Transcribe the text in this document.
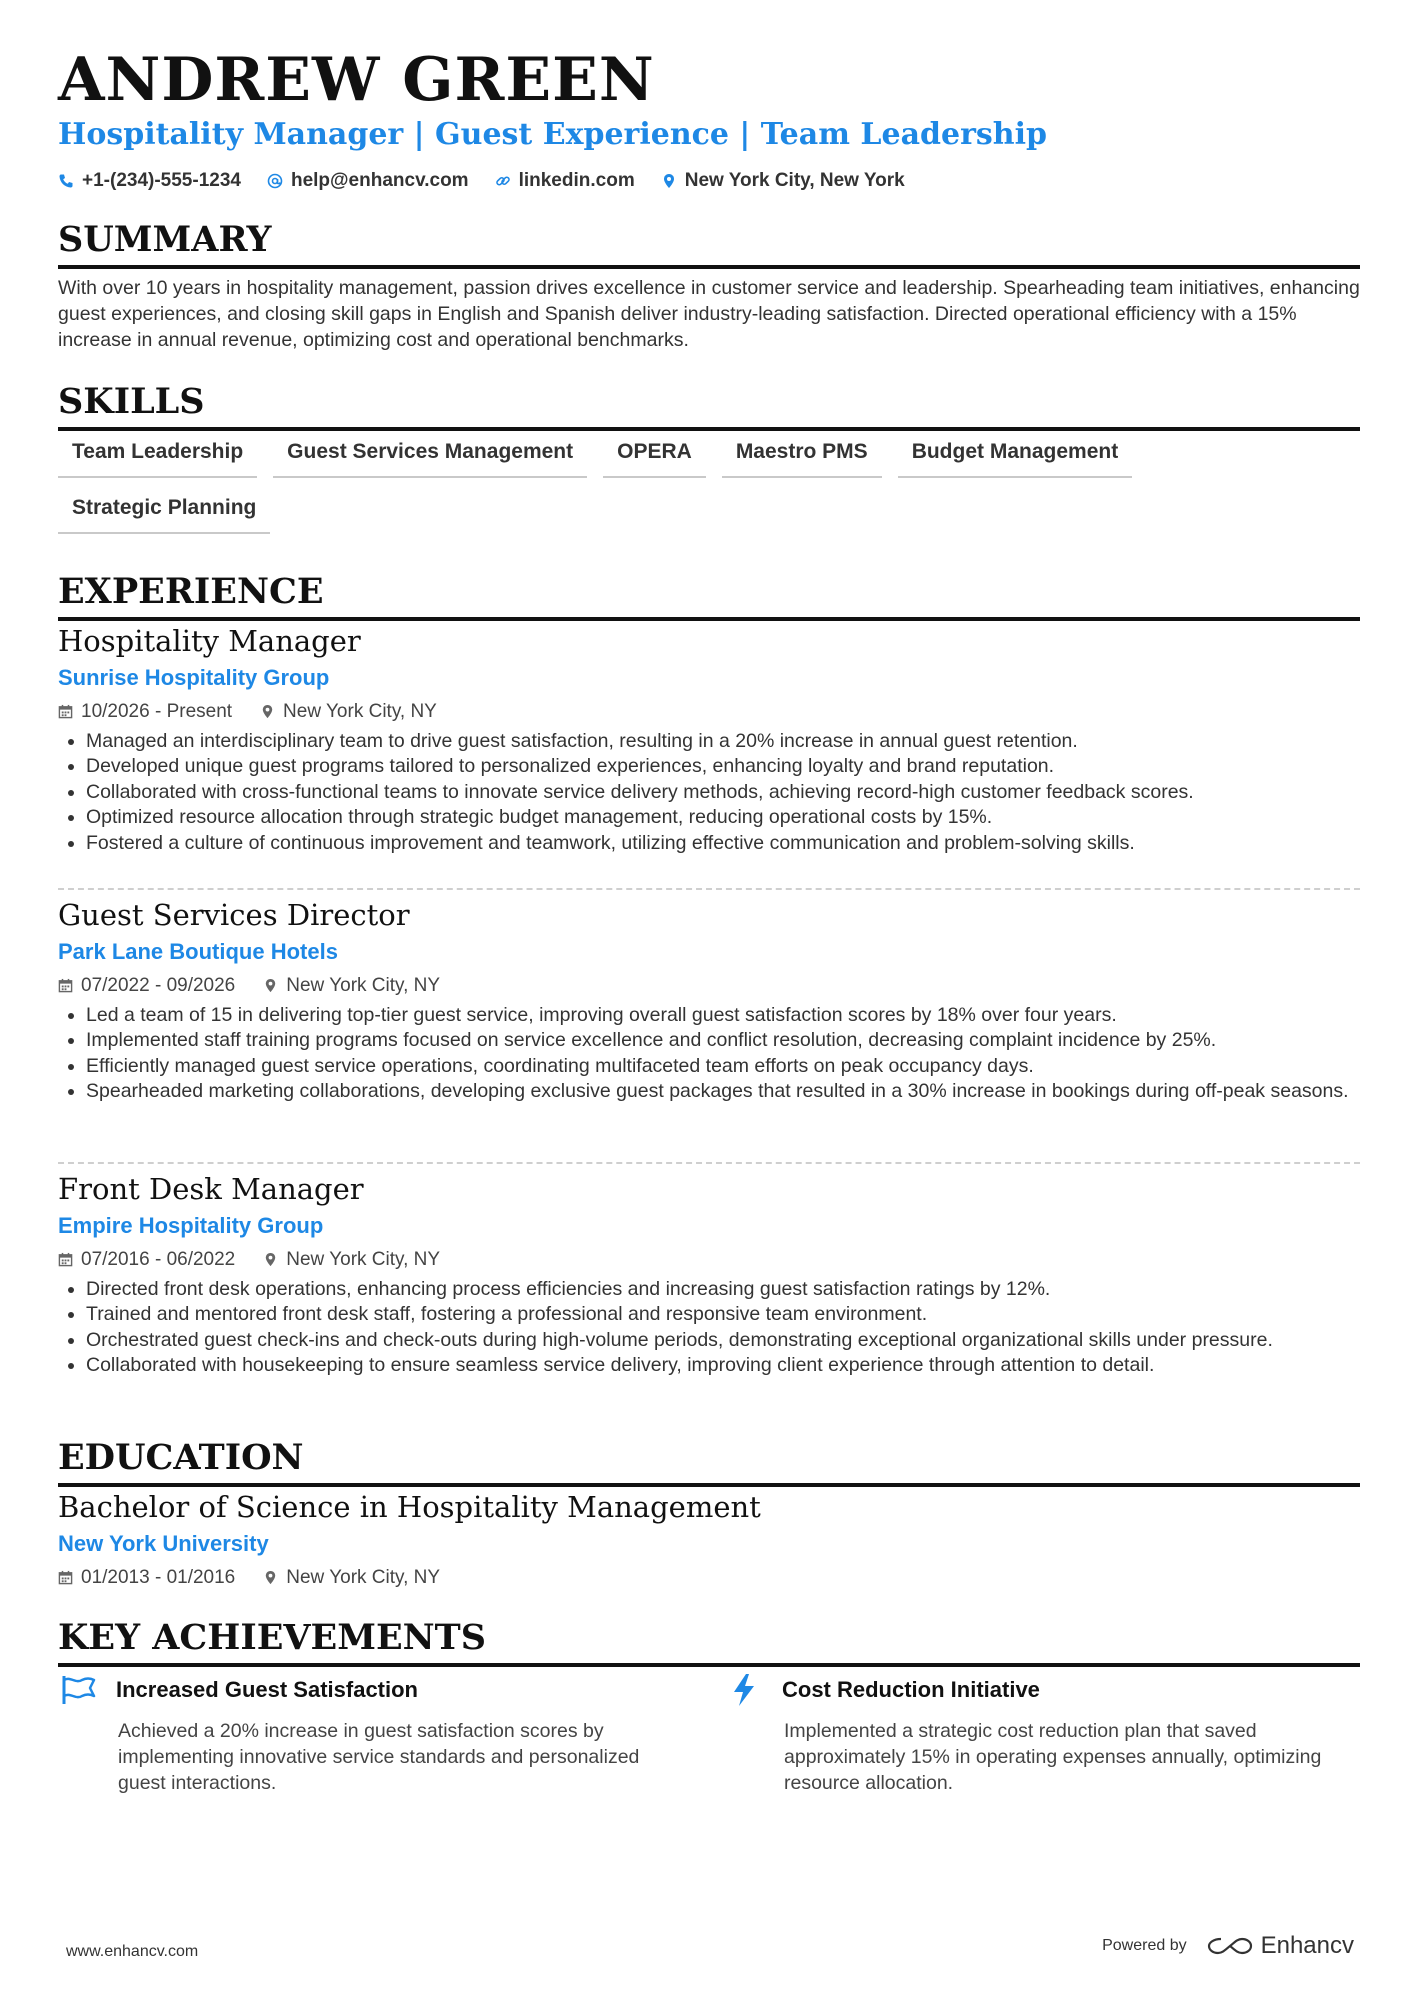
ANDREW GREEN
Hospitality Manager | Guest Experience | Team Leadership
+1-(234)-555-1234	help@enhancv.com	linkedin.com	New York City, New York
SUMMARY
With over 10 years in hospitality management, passion drives excellence in customer service and leadership. Spearheading team initiatives, enhancing guest experiences, and closing skill gaps in English and Spanish deliver industry-leading satisfaction. Directed operational efficiency with a 15% increase in annual revenue, optimizing cost and operational benchmarks.
SKILLS
Team Leadership	Guest Services Management	OPERA	Maestro PMS	Budget Management
Strategic Planning
EXPERIENCE
Hospitality Manager
Sunrise Hospitality Group
10/2026 - Present	New York City, NY
• Managed an interdisciplinary team to drive guest satisfaction, resulting in a 20% increase in annual guest retention.
• Developed unique guest programs tailored to personalized experiences, enhancing loyalty and brand reputation.
• Collaborated with cross-functional teams to innovate service delivery methods, achieving record-high customer feedback scores.
• Optimized resource allocation through strategic budget management, reducing operational costs by 15%.
• Fostered a culture of continuous improvement and teamwork, utilizing effective communication and problem-solving skills.
Guest Services Director
Park Lane Boutique Hotels
07/2022 - 09/2026	New York City, NY
• Led a team of 15 in delivering top-tier guest service, improving overall guest satisfaction scores by 18% over four years.
• Implemented staff training programs focused on service excellence and conflict resolution, decreasing complaint incidence by 25%.
• Efficiently managed guest service operations, coordinating multifaceted team efforts on peak occupancy days.
• Spearheaded marketing collaborations, developing exclusive guest packages that resulted in a 30% increase in bookings during off-peak seasons.
Front Desk Manager
Empire Hospitality Group
07/2016 - 06/2022	New York City, NY
• Directed front desk operations, enhancing process efficiencies and increasing guest satisfaction ratings by 12%.
• Trained and mentored front desk staff, fostering a professional and responsive team environment.
• Orchestrated guest check-ins and check-outs during high-volume periods, demonstrating exceptional organizational skills under pressure.
• Collaborated with housekeeping to ensure seamless service delivery, improving client experience through attention to detail.
EDUCATION
Bachelor of Science in Hospitality Management
New York University
01/2013 - 01/2016	New York City, NY
KEY ACHIEVEMENTS
Increased Guest Satisfaction
Achieved a 20% increase in guest satisfaction scores by implementing innovative service standards and personalized guest interactions.
Cost Reduction Initiative
Implemented a strategic cost reduction plan that saved approximately 15% in operating expenses annually, optimizing resource allocation.
www.enhancv.com	Powered by	Enhancv
